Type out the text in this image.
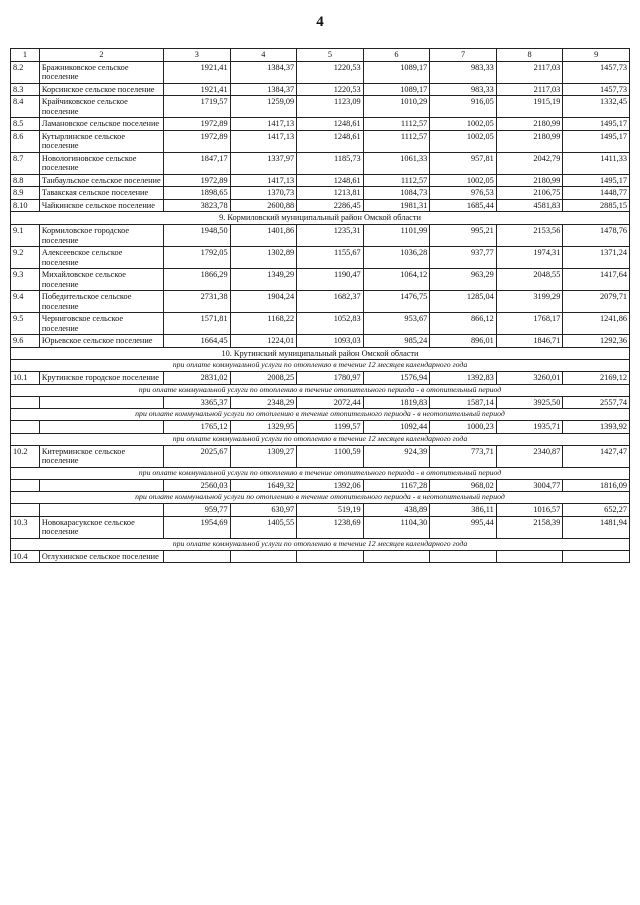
4
1	2	3	4	5	6	7	8	9
8.2	Бражниковское сельское поселение	1921,41	1384,37	1220,53	1089,17	983,33	2117,03	1457,73
8.3	Корсинское сельское поселение	1921,41	1384,37	1220,53	1089,17	983,33	2117,03	1457,73
8.4	Крайчиковское сельское поселение	1719,57	1259,09	1123,09	1010,29	916,05	1915,19	1332,45
8.5	Ламановское сельское поселение	1972,89	1417,13	1248,61	1112,57	1002,05	2180,99	1495,17
8.6	Кутырлинское сельское поселение	1972,89	1417,13	1248,61	1112,57	1002,05	2180,99	1495,17
8.7	Новологиновское сельское поселение	1847,17	1337,97	1185,73	1061,33	957,81	2042,79	1411,33
8.8	Танбаульское сельское поселение	1972,89	1417,13	1248,61	1112,57	1002,05	2180,99	1495,17
8.9	Тавакская сельское поселение	1898,65	1370,73	1213,81	1084,73	976,53	2106,75	1448,77
8.10	Чайкинское сельское поселение	3823,78	2600,88	2286,45	1981,31	1685,44	4581,83	2885,15
9. Кормиловский муниципальный район Омской области								
9.1	Кормиловское городское поселение	1948,50	1401,86	1235,31	1101,99	995,21	2153,56	1478,76
9.2	Алексеевское сельское поселение	1792,05	1302,89	1155,67	1036,28	937,77	1974,31	1371,24
9.3	Михайловское сельское поселение	1866,29	1349,29	1190,47	1064,12	963,29	2048,55	1417,64
9.4	Победительское сельское поселение	2731,38	1904,24	1682,37	1476,75	1285,04	3199,29	2079,71
9.5	Черниговское сельское поселение	1571,81	1168,22	1052,83	953,67	866,12	1768,17	1241,86
9.6	Юрьевское сельское поселение	1664,45	1224,01	1093,03	985,24	896,01	1846,71	1292,36
10. Крутинский муниципальный район Омской области								
при оплате коммунальной услуги по отоплению в течение 12 месяцев календарного года								
10.1	Крутинское городское поселение	2831,02	2008,25	1780,97	1576,94	1392,83	3260,01	2169,12
при оплате коммунальной услуги по отоплению в течение отопительного периода - в отопительный период								
		3365,37	2348,29	2072,44	1819,83	1587,14	3925,50	2557,74
при оплате коммунальной услуги по отоплению в течение отопительного периода - в неотопительный период								
		1765,12	1329,95	1199,57	1092,44	1000,23	1935,71	1393,92
при оплате коммунальной услуги по отоплению в течение 12 месяцев календарного года								
10.2	Китерминское сельское поселение	2025,67	1309,27	1100,59	924,39	773,71	2340,87	1427,47
при оплате коммунальной услуги по отоплению в течение отопительного периода - в отопительный период								
		2560,03	1649,32	1392,06	1167,28	968,02	3004,77	1816,09
при оплате коммунальной услуги по отоплению в течение отопительного периода - в неотопительный период								
		959,77	630,97	519,19	438,89	386,11	1016,57	652,27
10.3	Новокарасукское сельское поселение	1954,69	1405,55	1238,69	1104,30	995,44	2158,39	1481,94
при оплате коммунальной услуги по отоплению в течение 12 месяцев календарного года								
10.4	Оглухинское сельское поселение							
